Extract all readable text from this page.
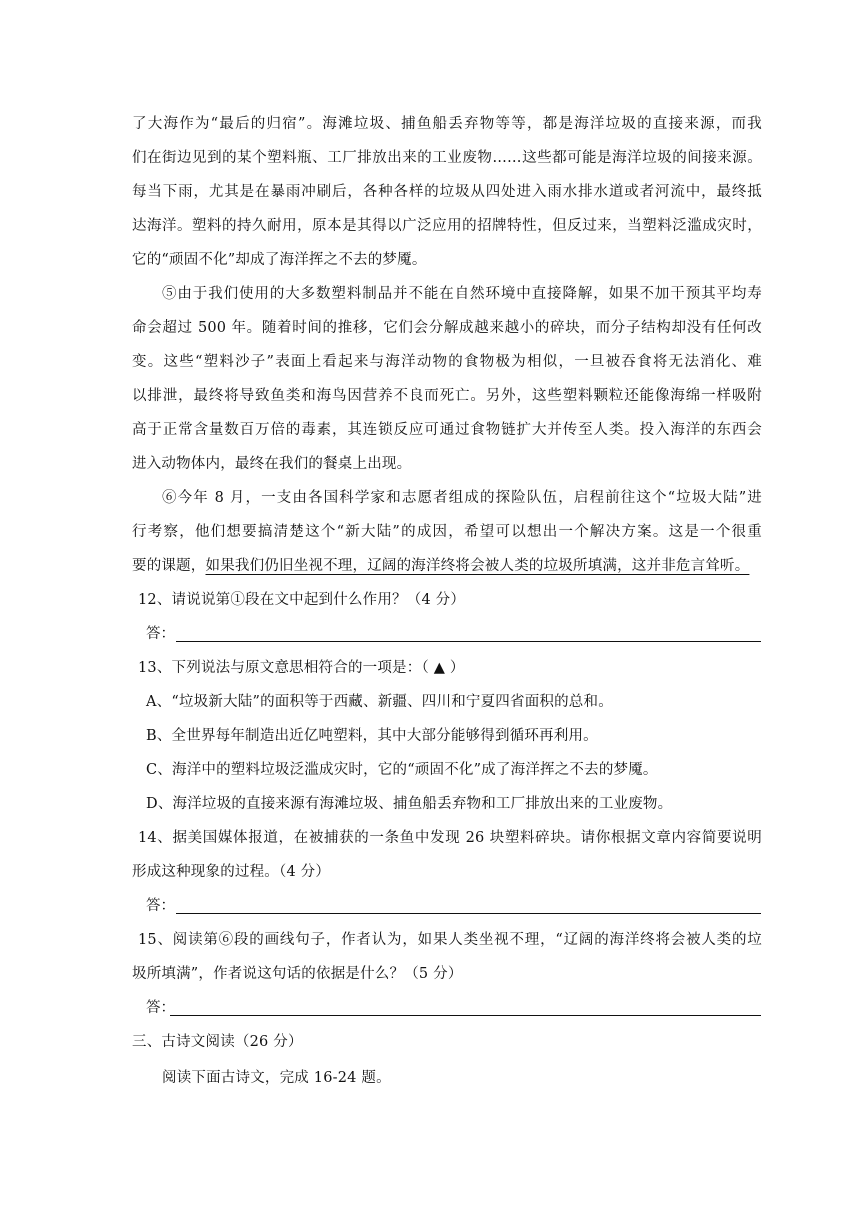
了大海作为“最后的归宿”。海滩垃圾、捕鱼船丢弃物等等，都是海洋垃圾的直接来源，而我
们在街边见到的某个塑料瓶、工厂排放出来的工业废物……这些都可能是海洋垃圾的间接来源。
每当下雨，尤其是在暴雨冲刷后，各种各样的垃圾从四处进入雨水排水道或者河流中，最终抵
达海洋。塑料的持久耐用，原本是其得以广泛应用的招牌特性，但反过来，当塑料泛滥成灾时，
它的“顽固不化”却成了海洋挥之不去的梦魇。
⑤由于我们使用的大多数塑料制品并不能在自然环境中直接降解，如果不加干预其平均寿
命会超过 500 年。随着时间的推移，它们会分解成越来越小的碎块，而分子结构却没有任何改
变。这些“塑料沙子”表面上看起来与海洋动物的食物极为相似，一旦被吞食将无法消化、难
以排泄，最终将导致鱼类和海鸟因营养不良而死亡。另外，这些塑料颗粒还能像海绵一样吸附
高于正常含量数百万倍的毒素，其连锁反应可通过食物链扩大并传至人类。投入海洋的东西会
进入动物体内，最终在我们的餐桌上出现。
⑥今年 8 月，一支由各国科学家和志愿者组成的探险队伍，启程前往这个“垃圾大陆”进
行考察，他们想要搞清楚这个“新大陆”的成因，希望可以想出一个解决方案。这是一个很重
要的课题，如果我们仍旧坐视不理，辽阔的海洋终将会被人类的垃圾所填满，这并非危言耸听。
12、请说说第①段在文中起到什么作用？（4 分）
答：
13、下列说法与原文意思相符合的一项是：（ ▲ ）
A、“垃圾新大陆”的面积等于西藏、新疆、四川和宁夏四省面积的总和。
B、全世界每年制造出近亿吨塑料，其中大部分能够得到循环再利用。
C、海洋中的塑料垃圾泛滥成灾时，它的“顽固不化”成了海洋挥之不去的梦魇。
D、海洋垃圾的直接来源有海滩垃圾、捕鱼船丢弃物和工厂排放出来的工业废物。
14、据美国媒体报道，在被捕获的一条鱼中发现 26 块塑料碎块。请你根据文章内容简要说明
形成这种现象的过程。（4 分）
答：
15、阅读第⑥段的画线句子，作者认为，如果人类坐视不理，“辽阔的海洋终将会被人类的垃
圾所填满”，作者说这句话的依据是什么？（5 分）
答：
三、古诗文阅读（26 分）
阅读下面古诗文，完成 16-24 题。
